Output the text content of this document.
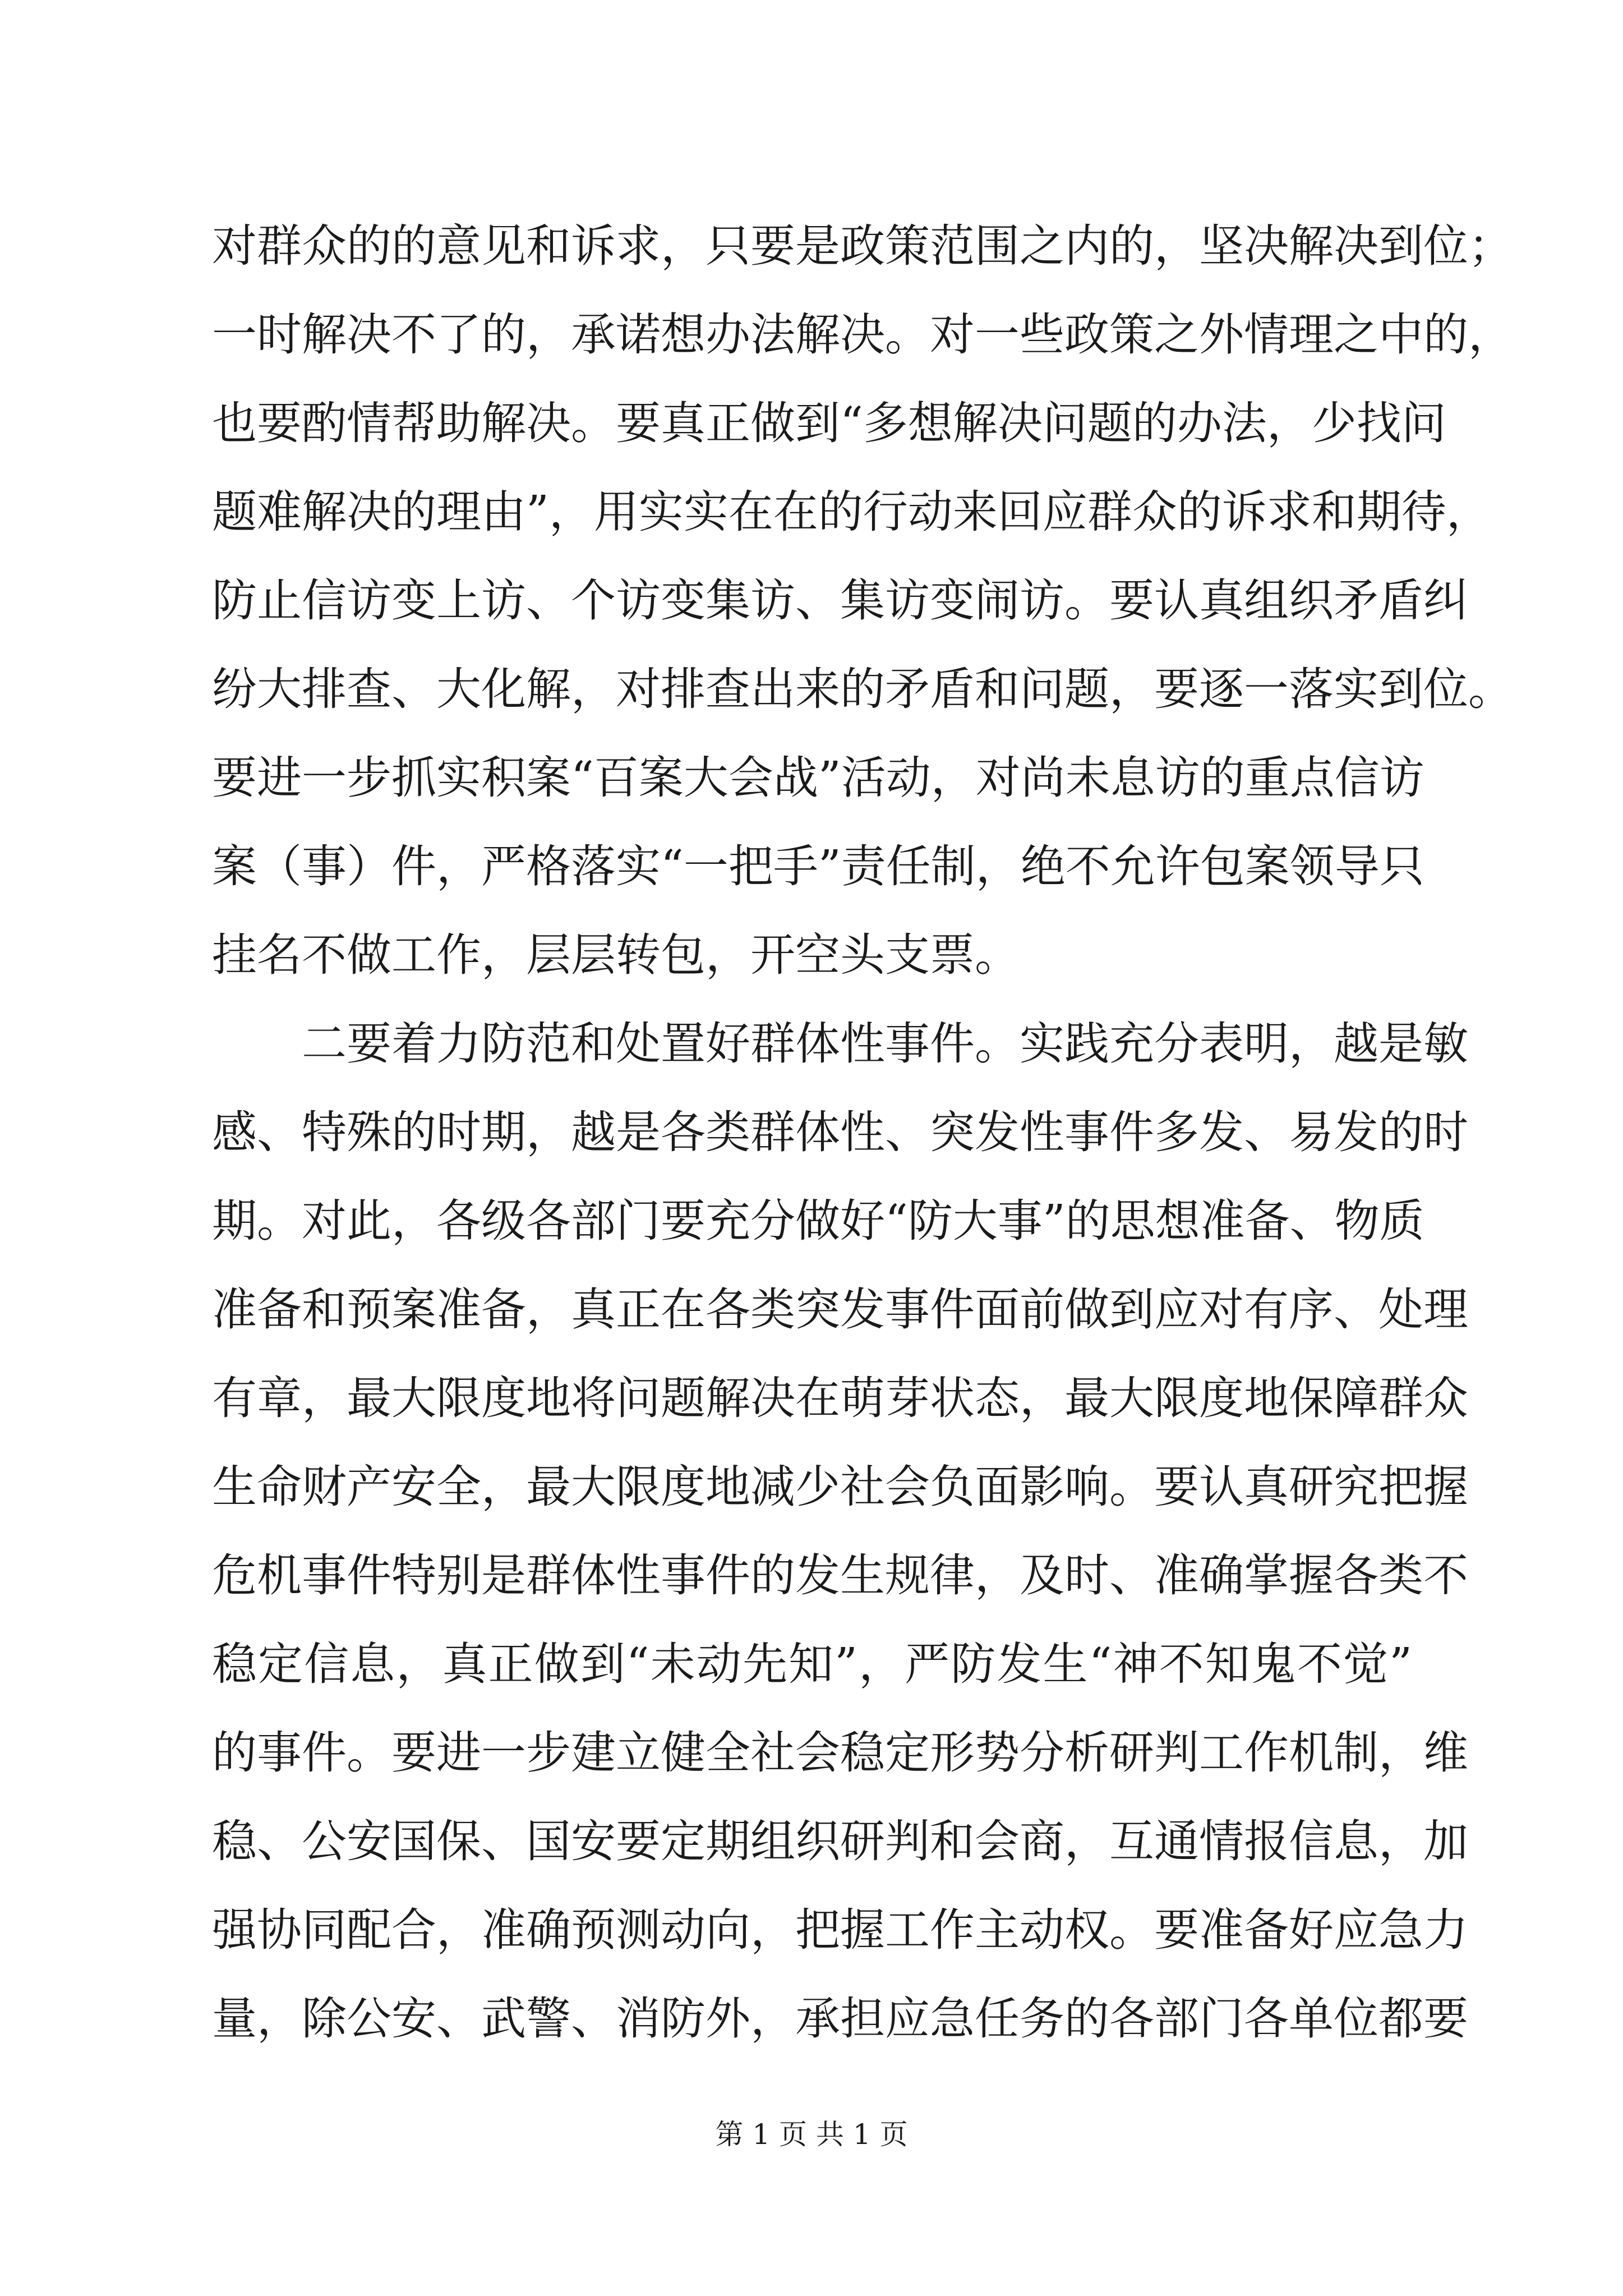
对群众的的意见和诉求，只要是政策范围之内的，坚决解决到位；
一时解决不了的，承诺想办法解决。对一些政策之外情理之中的，
也要酌情帮助解决。要真正做到“多想解决问题的办法，少找问
题难解决的理由”，用实实在在的行动来回应群众的诉求和期待，
防止信访变上访、个访变集访、集访变闹访。要认真组织矛盾纠
纷大排查、大化解，对排查出来的矛盾和问题，要逐一落实到位。
要进一步抓实积案“百案大会战”活动，对尚未息访的重点信访
案（事）件，严格落实“一把手”责任制，绝不允许包案领导只
挂名不做工作，层层转包，开空头支票。
二要着力防范和处置好群体性事件。实践充分表明，越是敏
感、特殊的时期，越是各类群体性、突发性事件多发、易发的时
期。对此，各级各部门要充分做好“防大事”的思想准备、物质
准备和预案准备，真正在各类突发事件面前做到应对有序、处理
有章，最大限度地将问题解决在萌芽状态，最大限度地保障群众
生命财产安全，最大限度地减少社会负面影响。要认真研究把握
危机事件特别是群体性事件的发生规律，及时、准确掌握各类不
稳定信息，真正做到“未动先知”，严防发生“神不知鬼不觉”
的事件。要进一步建立健全社会稳定形势分析研判工作机制，维
稳、公安国保、国安要定期组织研判和会商，互通情报信息，加
强协同配合，准确预测动向，把握工作主动权。要准备好应急力
量，除公安、武警、消防外，承担应急任务的各部门各单位都要
第 1 页 共 1 页
